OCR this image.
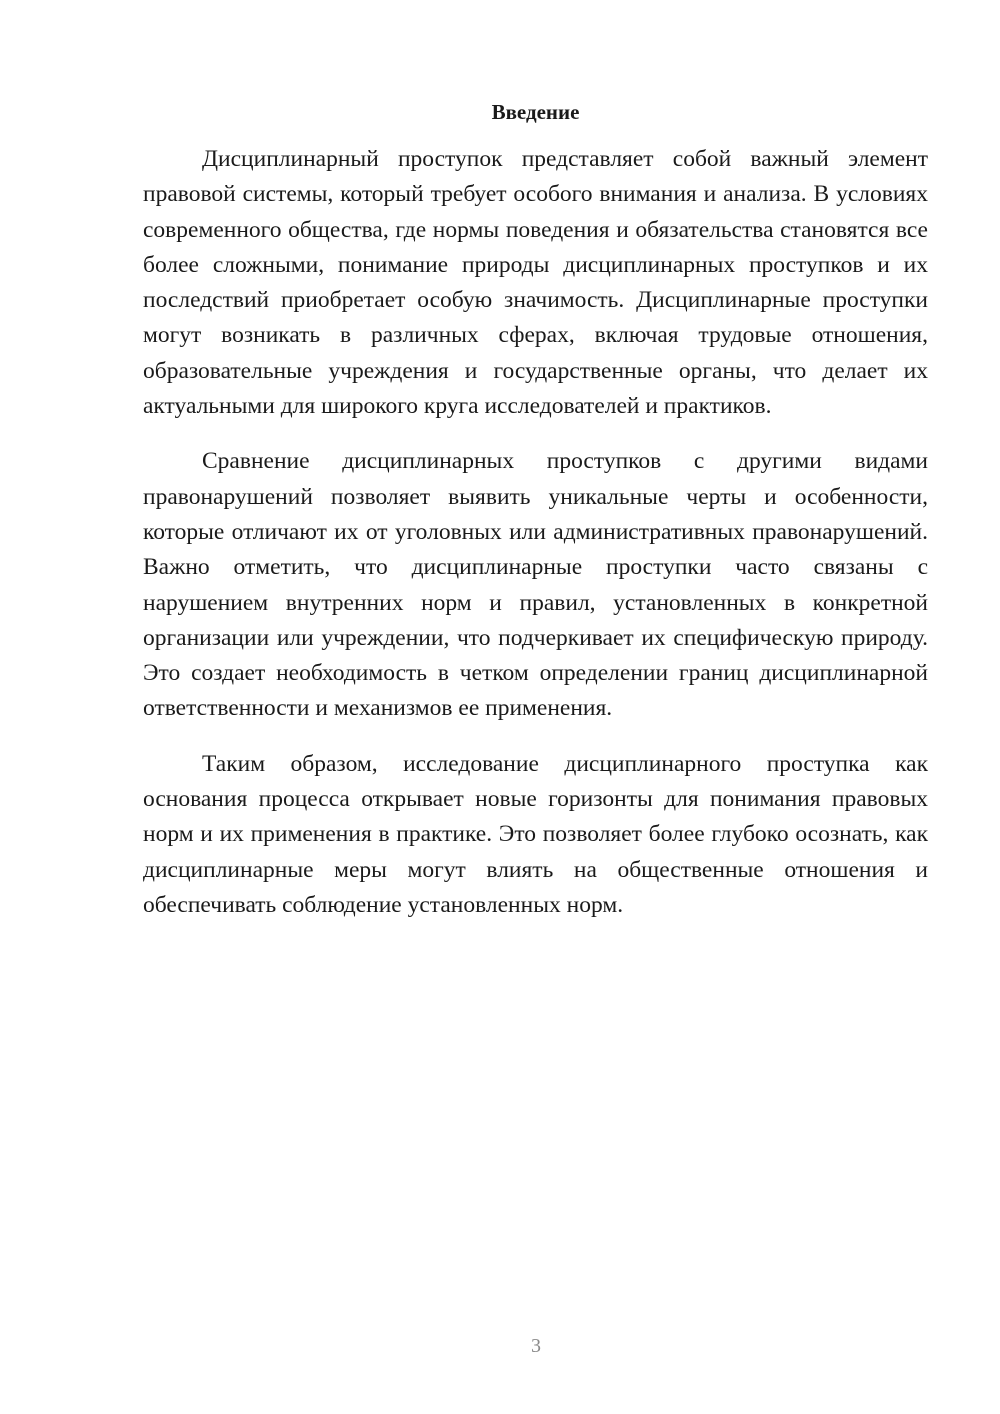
Введение

Дисциплинарный проступок представляет собой важный элемент правовой системы, который требует особого внимания и анализа. В условиях современного общества, где нормы поведения и обязательства становятся все более сложными, понимание природы дисциплинарных проступков и их последствий приобретает особую значимость. Дисциплинарные проступки могут возникать в различных сферах, включая трудовые отношения, образовательные учреждения и государственные органы, что делает их актуальными для широкого круга исследователей и практиков.

Сравнение дисциплинарных проступков с другими видами правонарушений позволяет выявить уникальные черты и особенности, которые отличают их от уголовных или административных правонарушений. Важно отметить, что дисциплинарные проступки часто связаны с нарушением внутренних норм и правил, установленных в конкретной организации или учреждении, что подчеркивает их специфическую природу. Это создает необходимость в четком определении границ дисциплинарной ответственности и механизмов ее применения.

Таким образом, исследование дисциплинарного проступка как основания процесса открывает новые горизонты для понимания правовых норм и их применения в практике. Это позволяет более глубоко осознать, как дисциплинарные меры могут влиять на общественные отношения и обеспечивать соблюдение установленных норм.

3
